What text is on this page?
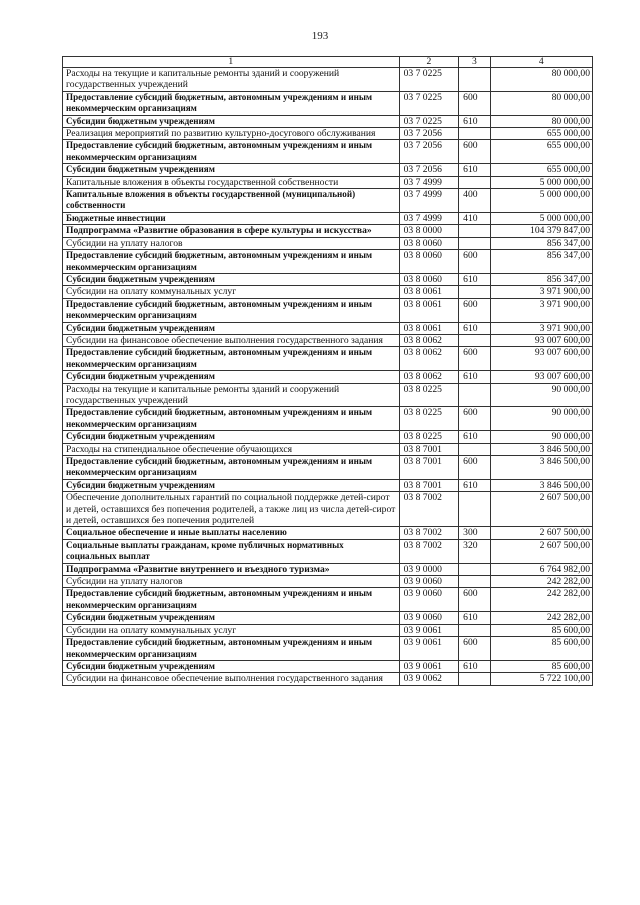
193
1	2	3	4
Расходы на текущие и капитальные ремонты зданий и сооружений государственных учреждений	03 7 0225		80 000,00
Предоставление субсидий бюджетным, автономным учреждениям и иным некоммерческим организациям	03 7 0225	600	80 000,00
Субсидии бюджетным учреждениям	03 7 0225	610	80 000,00
Реализация мероприятий по развитию культурно-досугового обслуживания	03 7 2056		655 000,00
Предоставление субсидий бюджетным, автономным учреждениям и иным некоммерческим организациям	03 7 2056	600	655 000,00
Субсидии бюджетным учреждениям	03 7 2056	610	655 000,00
Капитальные вложения в объекты государственной собственности	03 7 4999		5 000 000,00
Капитальные вложения в объекты государственной (муниципальной) собственности	03 7 4999	400	5 000 000,00
Бюджетные инвестиции	03 7 4999	410	5 000 000,00
Подпрограмма «Развитие образования в сфере культуры и искусства»	03 8 0000		104 379 847,00
Субсидии на уплату налогов	03 8 0060		856 347,00
Предоставление субсидий бюджетным, автономным учреждениям и иным некоммерческим организациям	03 8 0060	600	856 347,00
Субсидии бюджетным учреждениям	03 8 0060	610	856 347,00
Субсидии на оплату коммунальных услуг	03 8 0061		3 971 900,00
Предоставление субсидий бюджетным, автономным учреждениям и иным некоммерческим организациям	03 8 0061	600	3 971 900,00
Субсидии бюджетным учреждениям	03 8 0061	610	3 971 900,00
Субсидии на финансовое обеспечение выполнения государственного задания	03 8 0062		93 007 600,00
Предоставление субсидий бюджетным, автономным учреждениям и иным некоммерческим организациям	03 8 0062	600	93 007 600,00
Субсидии бюджетным учреждениям	03 8 0062	610	93 007 600,00
Расходы на текущие и капитальные ремонты зданий и сооружений государственных учреждений	03 8 0225		90 000,00
Предоставление субсидий бюджетным, автономным учреждениям и иным некоммерческим организациям	03 8 0225	600	90 000,00
Субсидии бюджетным учреждениям	03 8 0225	610	90 000,00
Расходы на стипендиальное обеспечение обучающихся	03 8 7001		3 846 500,00
Предоставление субсидий бюджетным, автономным учреждениям и иным некоммерческим организациям	03 8 7001	600	3 846 500,00
Субсидии бюджетным учреждениям	03 8 7001	610	3 846 500,00
Обеспечение дополнительных гарантий по социальной поддержке детей-сирот и детей, оставшихся без попечения родителей, а также лиц из числа детей-сирот и детей, оставшихся без попечения родителей	03 8 7002		2 607 500,00
Социальное обеспечение и иные выплаты населению	03 8 7002	300	2 607 500,00
Социальные выплаты гражданам, кроме публичных нормативных социальных выплат	03 8 7002	320	2 607 500,00
Подпрограмма «Развитие внутреннего и въездного туризма»	03 9 0000		6 764 982,00
Субсидии на уплату налогов	03 9 0060		242 282,00
Предоставление субсидий бюджетным, автономным учреждениям и иным некоммерческим организациям	03 9 0060	600	242 282,00
Субсидии бюджетным учреждениям	03 9 0060	610	242 282,00
Субсидии на оплату коммунальных услуг	03 9 0061		85 600,00
Предоставление субсидий бюджетным, автономным учреждениям и иным некоммерческим организациям	03 9 0061	600	85 600,00
Субсидии бюджетным учреждениям	03 9 0061	610	85 600,00
Субсидии на финансовое обеспечение выполнения государственного задания	03 9 0062		5 722 100,00
